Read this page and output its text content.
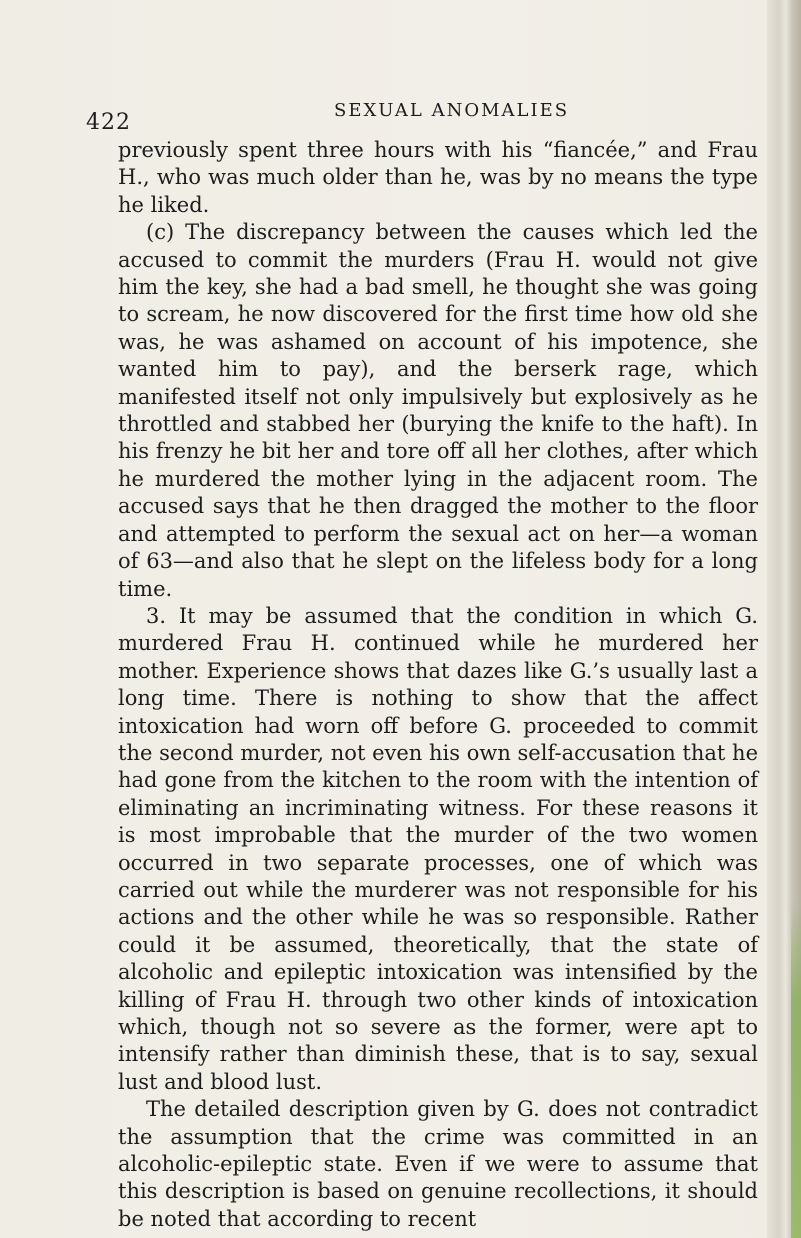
422	SEXUAL ANOMALIES

previously spent three hours with his “fiancée,” and Frau H., who was much older than he, was by no means the type he liked.

(c) The discrepancy between the causes which led the accused to commit the murders (Frau H. would not give him the key, she had a bad smell, he thought she was going to scream, he now discovered for the first time how old she was, he was ashamed on account of his impotence, she wanted him to pay), and the berserk rage, which manifested itself not only impulsively but explosively as he throttled and stabbed her (burying the knife to the haft). In his frenzy he bit her and tore off all her clothes, after which he murdered the mother lying in the adjacent room. The accused says that he then dragged the mother to the floor and attempted to perform the sexual act on her—a woman of 63—and also that he slept on the lifeless body for a long time.

3. It may be assumed that the condition in which G. murdered Frau H. continued while he murdered her mother. Experience shows that dazes like G.’s usually last a long time. There is nothing to show that the affect intoxication had worn off before G. proceeded to commit the second murder, not even his own self-accusation that he had gone from the kitchen to the room with the intention of eliminating an incriminating witness. For these reasons it is most improbable that the murder of the two women occurred in two separate processes, one of which was carried out while the murderer was not responsible for his actions and the other while he was so responsible. Rather could it be assumed, theoretically, that the state of alcoholic and epileptic intoxication was intensified by the killing of Frau H. through two other kinds of intoxication which, though not so severe as the former, were apt to intensify rather than diminish these, that is to say, sexual lust and blood lust.

The detailed description given by G. does not contradict the assumption that the crime was committed in an alcoholic-epileptic state. Even if we were to assume that this description is based on genuine recollections, it should be noted that according to recent
